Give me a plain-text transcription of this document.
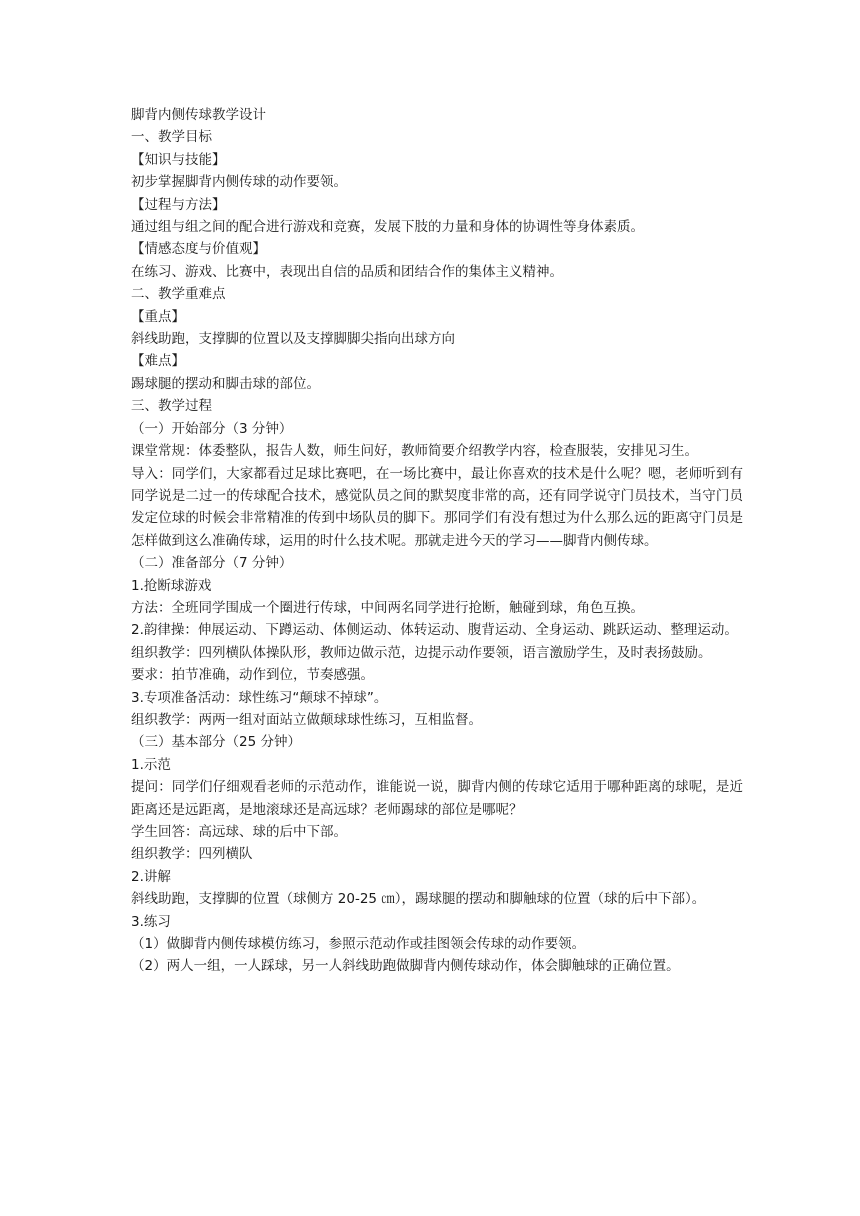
脚背内侧传球教学设计

一、教学目标

【知识与技能】

初步掌握脚背内侧传球的动作要领。

【过程与方法】

通过组与组之间的配合进行游戏和竞赛，发展下肢的力量和身体的协调性等身体素质。

【情感态度与价值观】

在练习、游戏、比赛中，表现出自信的品质和团结合作的集体主义精神。

二、教学重难点

【重点】

斜线助跑，支撑脚的位置以及支撑脚脚尖指向出球方向

【难点】

踢球腿的摆动和脚击球的部位。

三、教学过程

（一）开始部分（3 分钟）

课堂常规：体委整队，报告人数，师生问好，教师简要介绍教学内容，检查服装，安排见习生。

导入：同学们，大家都看过足球比赛吧，在一场比赛中，最让你喜欢的技术是什么呢？嗯，老师听到有同学说是二过一的传球配合技术，感觉队员之间的默契度非常的高，还有同学说守门员技术，当守门员发定位球的时候会非常精准的传到中场队员的脚下。那同学们有没有想过为什么那么远的距离守门员是怎样做到这么准确传球，运用的时什么技术呢。那就走进今天的学习——脚背内侧传球。

（二）准备部分（7 分钟）

1.抢断球游戏

方法：全班同学围成一个圈进行传球，中间两名同学进行抢断，触碰到球，角色互换。

2.韵律操：伸展运动、下蹲运动、体侧运动、体转运动、腹背运动、全身运动、跳跃运动、整理运动。

组织教学：四列横队体操队形，教师边做示范，边提示动作要领，语言激励学生，及时表扬鼓励。

要求：拍节准确，动作到位，节奏感强。

3.专项准备活动：球性练习“颠球不掉球”。

组织教学：两两一组对面站立做颠球球性练习，互相监督。

（三）基本部分（25 分钟）

1.示范

提问：同学们仔细观看老师的示范动作，谁能说一说，脚背内侧的传球它适用于哪种距离的球呢，是近距离还是远距离，是地滚球还是高远球？老师踢球的部位是哪呢？

学生回答：高远球、球的后中下部。

组织教学：四列横队

2.讲解

斜线助跑，支撑脚的位置（球侧方 20-25 ㎝），踢球腿的摆动和脚触球的位置（球的后中下部）。

3.练习

（1）做脚背内侧传球模仿练习，参照示范动作或挂图领会传球的动作要领。

（2）两人一组，一人踩球，另一人斜线助跑做脚背内侧传球动作，体会脚触球的正确位置。
